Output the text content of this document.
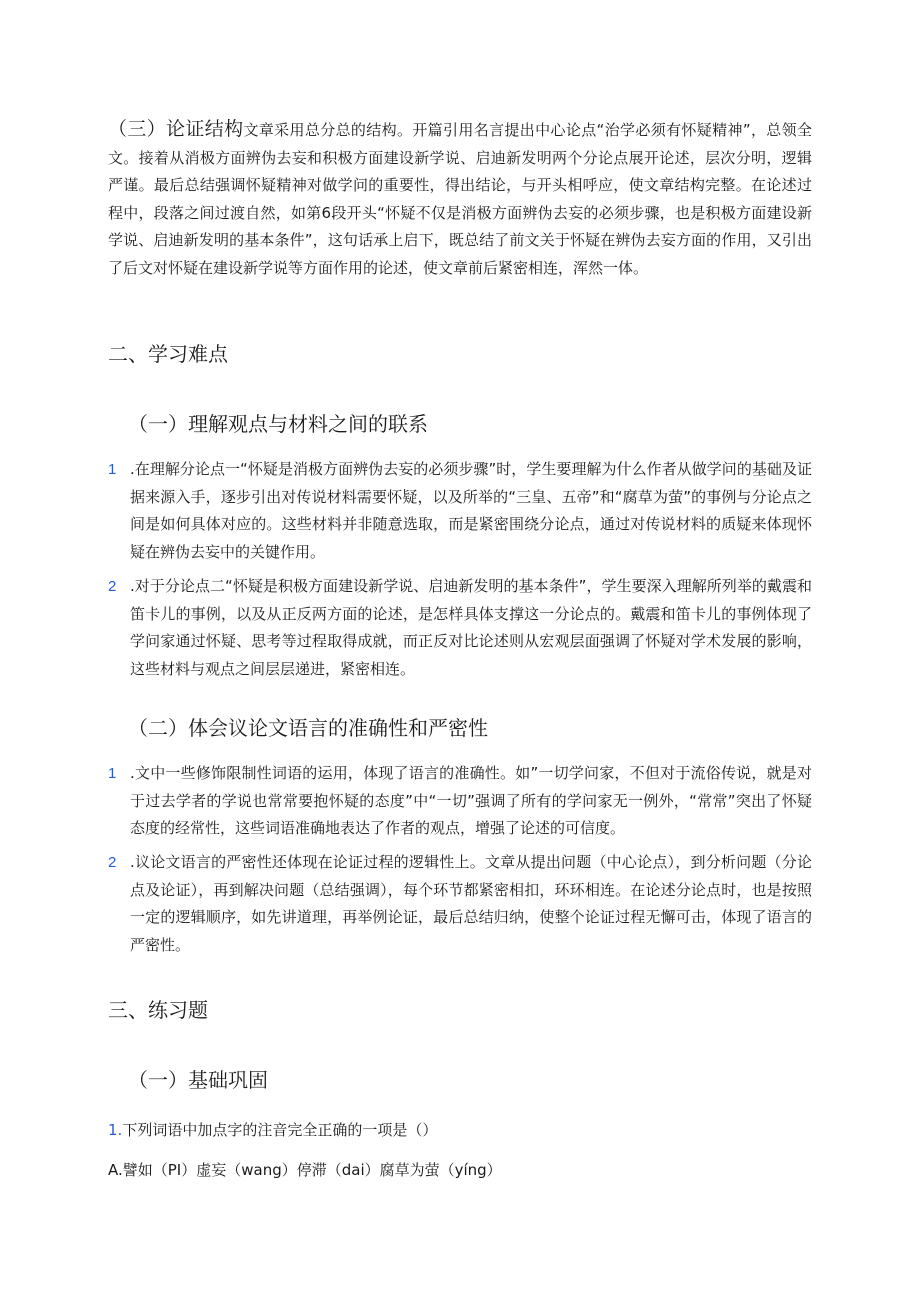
（三）论证结构文章采用总分总的结构。开篇引用名言提出中心论点“治学必须有怀疑精神”，总领全文。接着从消极方面辨伪去妄和积极方面建设新学说、启迪新发明两个分论点展开论述，层次分明，逻辑严谨。最后总结强调怀疑精神对做学问的重要性，得出结论，与开头相呼应，使文章结构完整。在论述过程中，段落之间过渡自然，如第6段开头“怀疑不仅是消极方面辨伪去妄的必须步骤，也是积极方面建设新学说、启迪新发明的基本条件”，这句话承上启下，既总结了前文关于怀疑在辨伪去妄方面的作用，又引出了后文对怀疑在建设新学说等方面作用的论述，使文章前后紧密相连，浑然一体。
二、学习难点
（一）理解观点与材料之间的联系
1 .在理解分论点一“怀疑是消极方面辨伪去妄的必须步骤”时，学生要理解为什么作者从做学问的基础及证据来源入手，逐步引出对传说材料需要怀疑，以及所举的“三皇、五帝”和“腐草为萤”的事例与分论点之间是如何具体对应的。这些材料并非随意选取，而是紧密围绕分论点，通过对传说材料的质疑来体现怀疑在辨伪去妄中的关键作用。
2 .对于分论点二“怀疑是积极方面建设新学说、启迪新发明的基本条件”，学生要深入理解所列举的戴震和笛卡儿的事例，以及从正反两方面的论述，是怎样具体支撑这一分论点的。戴震和笛卡儿的事例体现了学问家通过怀疑、思考等过程取得成就，而正反对比论述则从宏观层面强调了怀疑对学术发展的影响，这些材料与观点之间层层递进，紧密相连。
（二）体会议论文语言的准确性和严密性
1 .文中一些修饰限制性词语的运用，体现了语言的准确性。如”一切学问家，不但对于流俗传说，就是对于过去学者的学说也常常要抱怀疑的态度”中“一切”强调了所有的学问家无一例外，“常常”突出了怀疑态度的经常性，这些词语准确地表达了作者的观点，增强了论述的可信度。
2 .议论文语言的严密性还体现在论证过程的逻辑性上。文章从提出问题（中心论点），到分析问题（分论点及论证），再到解决问题（总结强调），每个环节都紧密相扣，环环相连。在论述分论点时，也是按照一定的逻辑顺序，如先讲道理，再举例论证，最后总结归纳，使整个论证过程无懈可击，体现了语言的严密性。
三、练习题
（一）基础巩固
1.下列词语中加点字的注音完全正确的一项是（）
A.譬如（PI）虚妄（wang）停滞（dai）腐草为萤（yíng）
